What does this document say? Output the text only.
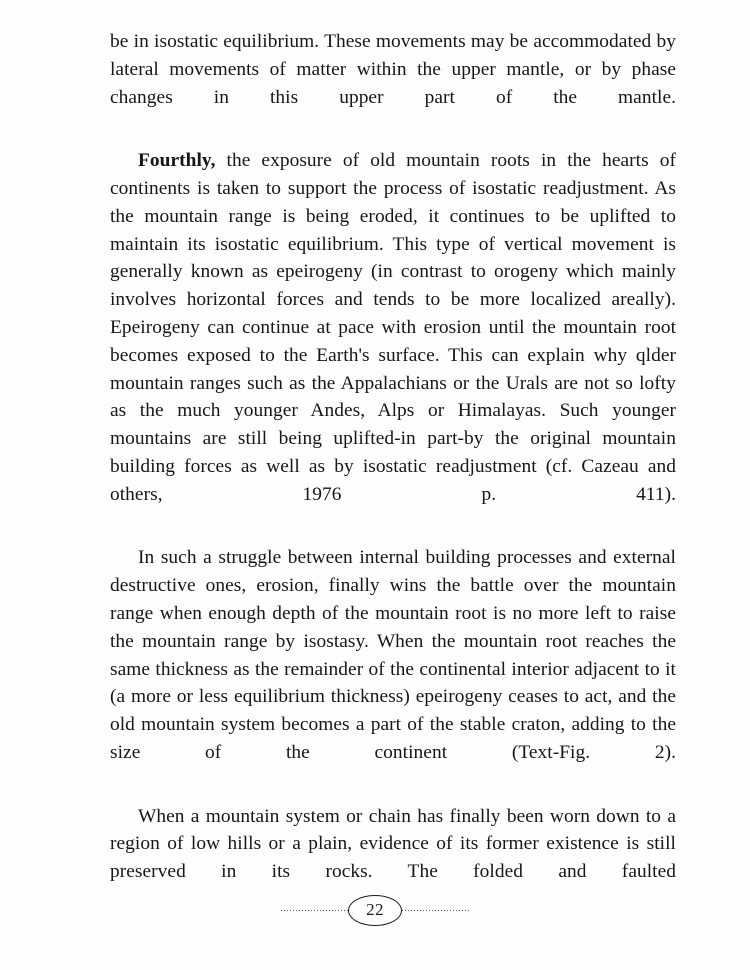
be in isostatic equilibrium. These movements may be accommodated by lateral movements of matter within the upper mantle, or by phase changes in this upper part of the mantle.

Fourthly, the exposure of old mountain roots in the hearts of continents is taken to support the process of isostatic readjustment. As the mountain range is being eroded, it continues to be uplifted to maintain its isostatic equilibrium. This type of vertical movement is generally known as epeirogeny (in contrast to orogeny which mainly involves horizontal forces and tends to be more localized areally). Epeirogeny can continue at pace with erosion until the mountain root becomes exposed to the Earth's surface. This can explain why qlder mountain ranges such as the Appalachians or the Urals are not so lofty as the much younger Andes, Alps or Himalayas. Such younger mountains are still being uplifted-in part-by the original mountain building forces as well as by isostatic readjustment (cf. Cazeau and others, 1976 p. 411).

In such a struggle between internal building processes and external destructive ones, erosion, finally wins the battle over the mountain range when enough depth of the mountain root is no more left to raise the mountain range by isostasy. When the mountain root reaches the same thickness as the remainder of the continental interior adjacent to it (a more or less equilibrium thickness) epeirogeny ceases to act, and the old mountain system becomes a part of the stable craton, adding to the size of the continent (Text-Fig. 2).

When a mountain system or chain has finally been worn down to a region of low hills or a plain, evidence of its former existence is still preserved in its rocks. The folded and faulted

22
